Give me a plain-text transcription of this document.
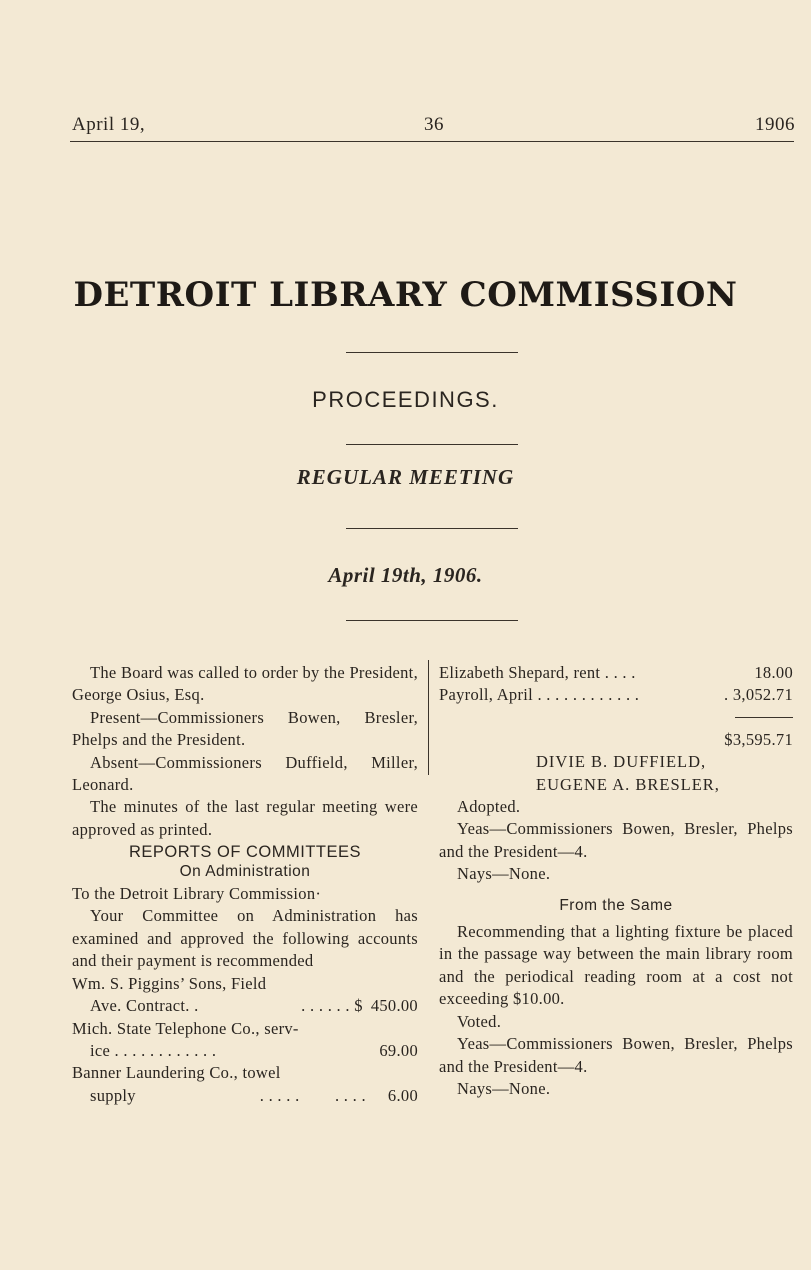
April 19,	36	1906
DETROIT LIBRARY COMMISSION
PROCEEDINGS.
REGULAR MEETING
April 19th, 1906.

The Board was called to order by the President, George Osius, Esq.

Present—Commissioners Bowen, Bresler, Phelps and the President.

Absent—Commissioners Duffield, Miller, Leonard.

The minutes of the last regular meeting were approved as printed.

REPORTS OF COMMITTEES

On Administration

To the Detroit Library Commission·

Your Committee on Administration has examined and approved the following accounts and their payment is recommended

Wm. S. Piggins’ Sons, Field

Ave. Contract. .	. . . . . . $ 450.00

Mich. State Telephone Co., serv-

ice . . . . . . . . . . . .	69.00

Banner Laundering Co., towel

supply	. . . . .        . . . . 6.00
Elizabeth Shepard, rent . . . .	18.00
Payroll, April . . . . . . . . . . . .	. 3,052.71

$3,595.71

DIVIE B. DUFFIELD,

EUGENE A. BRESLER,

Adopted.

Yeas—Commissioners Bowen, Bresler, Phelps and the President—4.

Nays—None.

From the Same

Recommending that a lighting fixture be placed in the passage way between the main library room and the periodical reading room at a cost not exceeding $10.00.

Voted.

Yeas—Commissioners Bowen, Bresler, Phelps and the President—4.

Nays—None.
